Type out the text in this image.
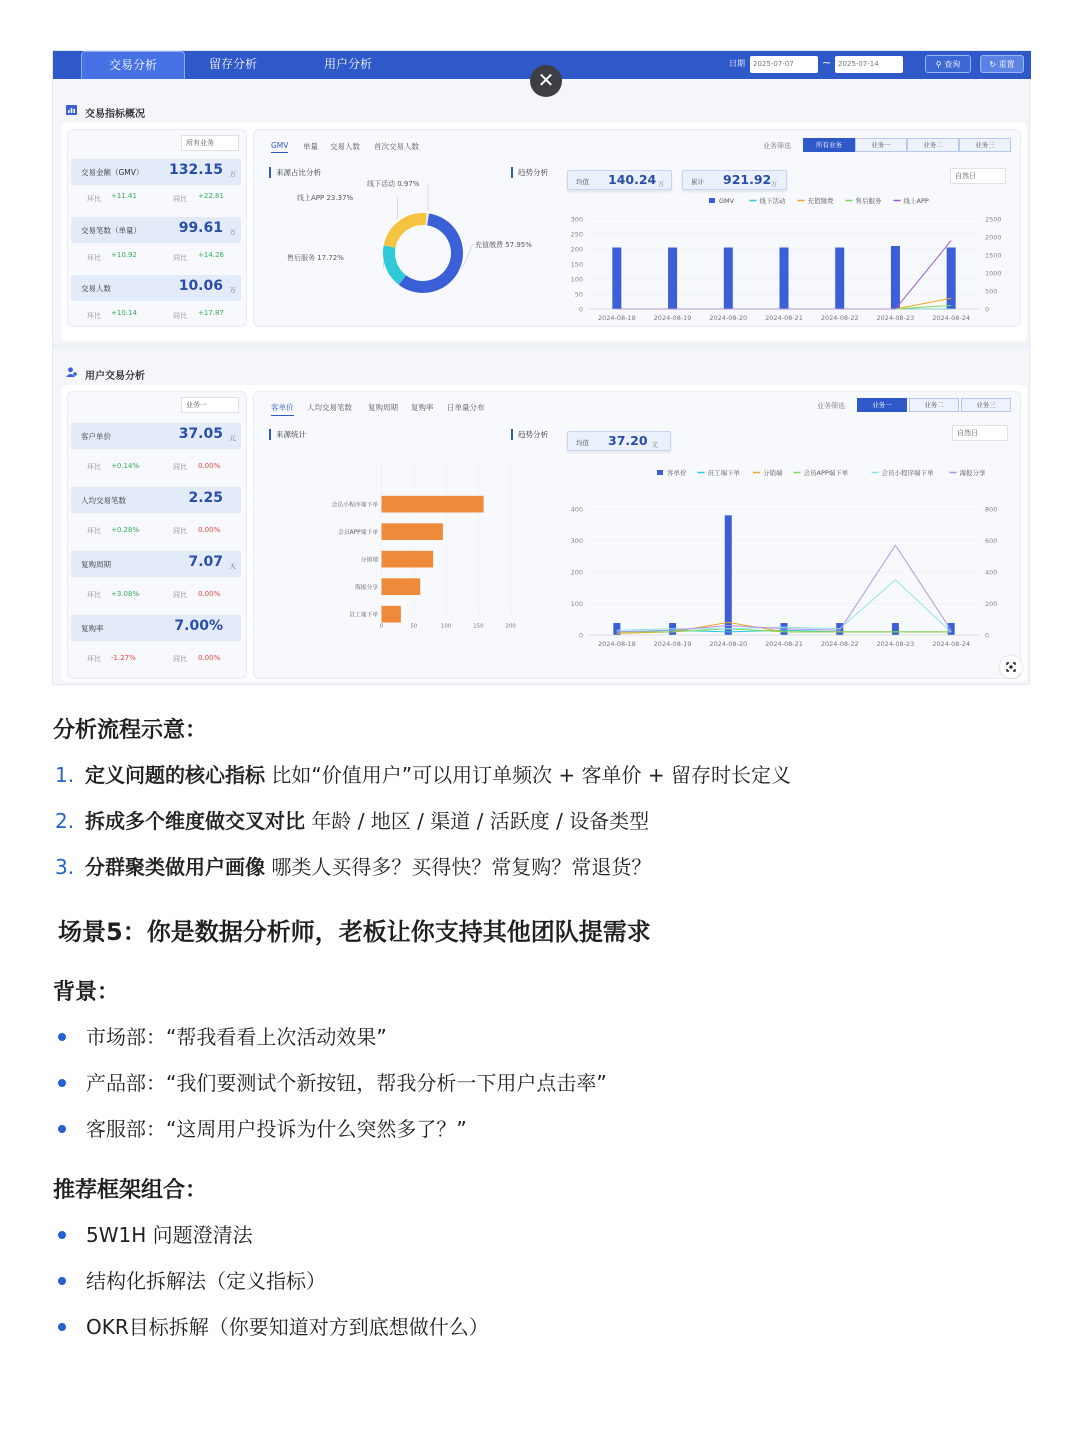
交易分析	留存分析	用户分析	日期	2025-07-07	~ 2025-07-14	⚲ 查询	↻ 重置
✕
交易指标概况
所有业务
交易金额（GMV） 132.15 万
环比 +11.41	同比 +22.81
交易笔数（单量）	99.61 万
环比 +10.92	同比 +14.26
交易人数	10.06 万
环比 +10.14	同比 +17.87
GMV 单量 交易人数 首次交易人数	业务筛选	所有业务	业务一	业务二	业务三
来源占比分析	趋势分析
均值 140.24 万	累计 921.92 万
自然日
充值缴费 57.95%
售后服务 17.72%
线上APP 23.37%
线下活动 0.97%
0
50
100
150
200
250
300
0
500
1000
1500
2000
2500
2024-08-18	2024-08-19	2024-08-20	2024-08-21	2024-08-22	2024-08-23	2024-08-24
GMV	线下活动	充值缴费	售后服务	线上APP
用户交易分析
业务一
客户单价	37.05 元
环比 +0.14%	同比 0.00%
人均交易笔数	2.25
环比 +0.28%	同比 0.00%
复购周期	7.07 天
环比 +3.08%	同比 0.00%
复购率	7.00%
环比 -1.27%	同比 0.00%
客单价 人均交易笔数 复购周期 复购率 日单量分布	业务筛选	业务一	业务二	业务三
来源统计	趋势分析
均值 37.20 元
自然日
0	50	100	150	200
会员小程序端下单
会员APP端下单
分销端
海报分享
员工端下单
0
100
200
300
400
0
200
400
600
800
2024-08-18	2024-08-19	2024-08-20	2024-08-21	2024-08-22	2024-08-23	2024-08-24
客单价	员工端下单	分销端	会员APP端下单	会员小程序端下单	海报分享
分析流程示意：
1. 定义问题的核心指标 比如“价值用户”可以用订单频次 + 客单价 + 留存时长定义
2. 拆成多个维度做交叉对比 年龄 / 地区 / 渠道 / 活跃度 / 设备类型
3. 分群聚类做用户画像 哪类人买得多？买得快？常复购？常退货？
场景5：你是数据分析师，老板让你支持其他团队提需求
背景：
市场部：“帮我看看上次活动效果”
产品部：“我们要测试个新按钮，帮我分析一下用户点击率”
客服部：“这周用户投诉为什么突然多了？”
推荐框架组合：
5W1H 问题澄清法
结构化拆解法（定义指标）
OKR目标拆解（你要知道对方到底想做什么）
